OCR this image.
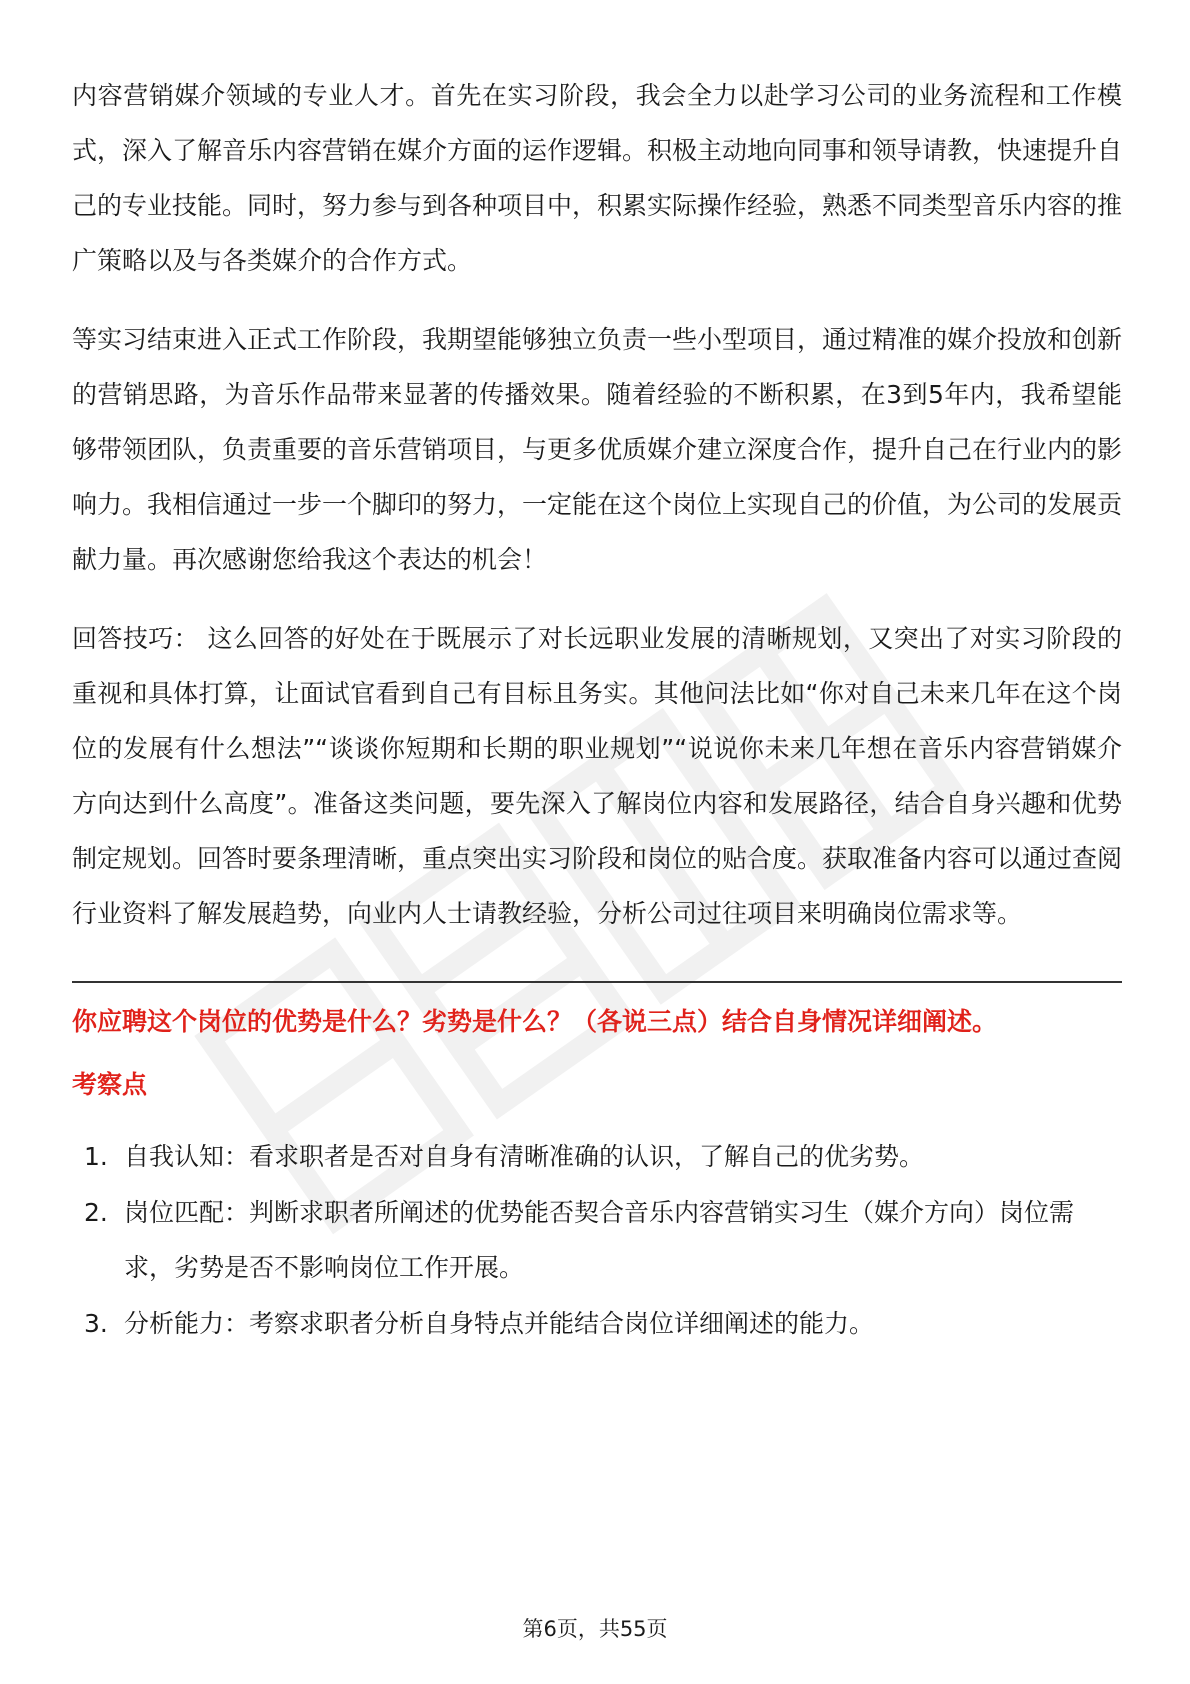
内容营销媒介领域的专业人才。首先在实习阶段，我会全力以赴学习公司的业务流程和工作模式，深入了解音乐内容营销在媒介方面的运作逻辑。积极主动地向同事和领导请教，快速提升自己的专业技能。同时，努力参与到各种项目中，积累实际操作经验，熟悉不同类型音乐内容的推广策略以及与各类媒介的合作方式。

等实习结束进入正式工作阶段，我期望能够独立负责一些小型项目，通过精准的媒介投放和创新的营销思路，为音乐作品带来显著的传播效果。随着经验的不断积累，在3到5年内，我希望能够带领团队，负责重要的音乐营销项目，与更多优质媒介建立深度合作，提升自己在行业内的影响力。我相信通过一步一个脚印的努力，一定能在这个岗位上实现自己的价值，为公司的发展贡献力量。再次感谢您给我这个表达的机会！

回答技巧： 这么回答的好处在于既展示了对长远职业发展的清晰规划，又突出了对实习阶段的重视和具体打算，让面试官看到自己有目标且务实。其他问法比如“你对自己未来几年在这个岗位的发展有什么想法”“谈谈你短期和长期的职业规划”“说说你未来几年想在音乐内容营销媒介方向达到什么高度”。准备这类问题，要先深入了解岗位内容和发展路径，结合自身兴趣和优势制定规划。回答时要条理清晰，重点突出实习阶段和岗位的贴合度。获取准备内容可以通过查阅行业资料了解发展趋势，向业内人士请教经验，分析公司过往项目来明确岗位需求等。

你应聘这个岗位的优势是什么？劣势是什么？（各说三点）结合自身情况详细阐述。
考察点
1. 自我认知：看求职者是否对自身有清晰准确的认识，了解自己的优劣势。
2. 岗位匹配：判断求职者所阐述的优势能否契合音乐内容营销实习生（媒介方向）岗位需求，劣势是否不影响岗位工作开展。
3. 分析能力：考察求职者分析自身特点并能结合岗位详细阐述的能力。
第6页，共55页
